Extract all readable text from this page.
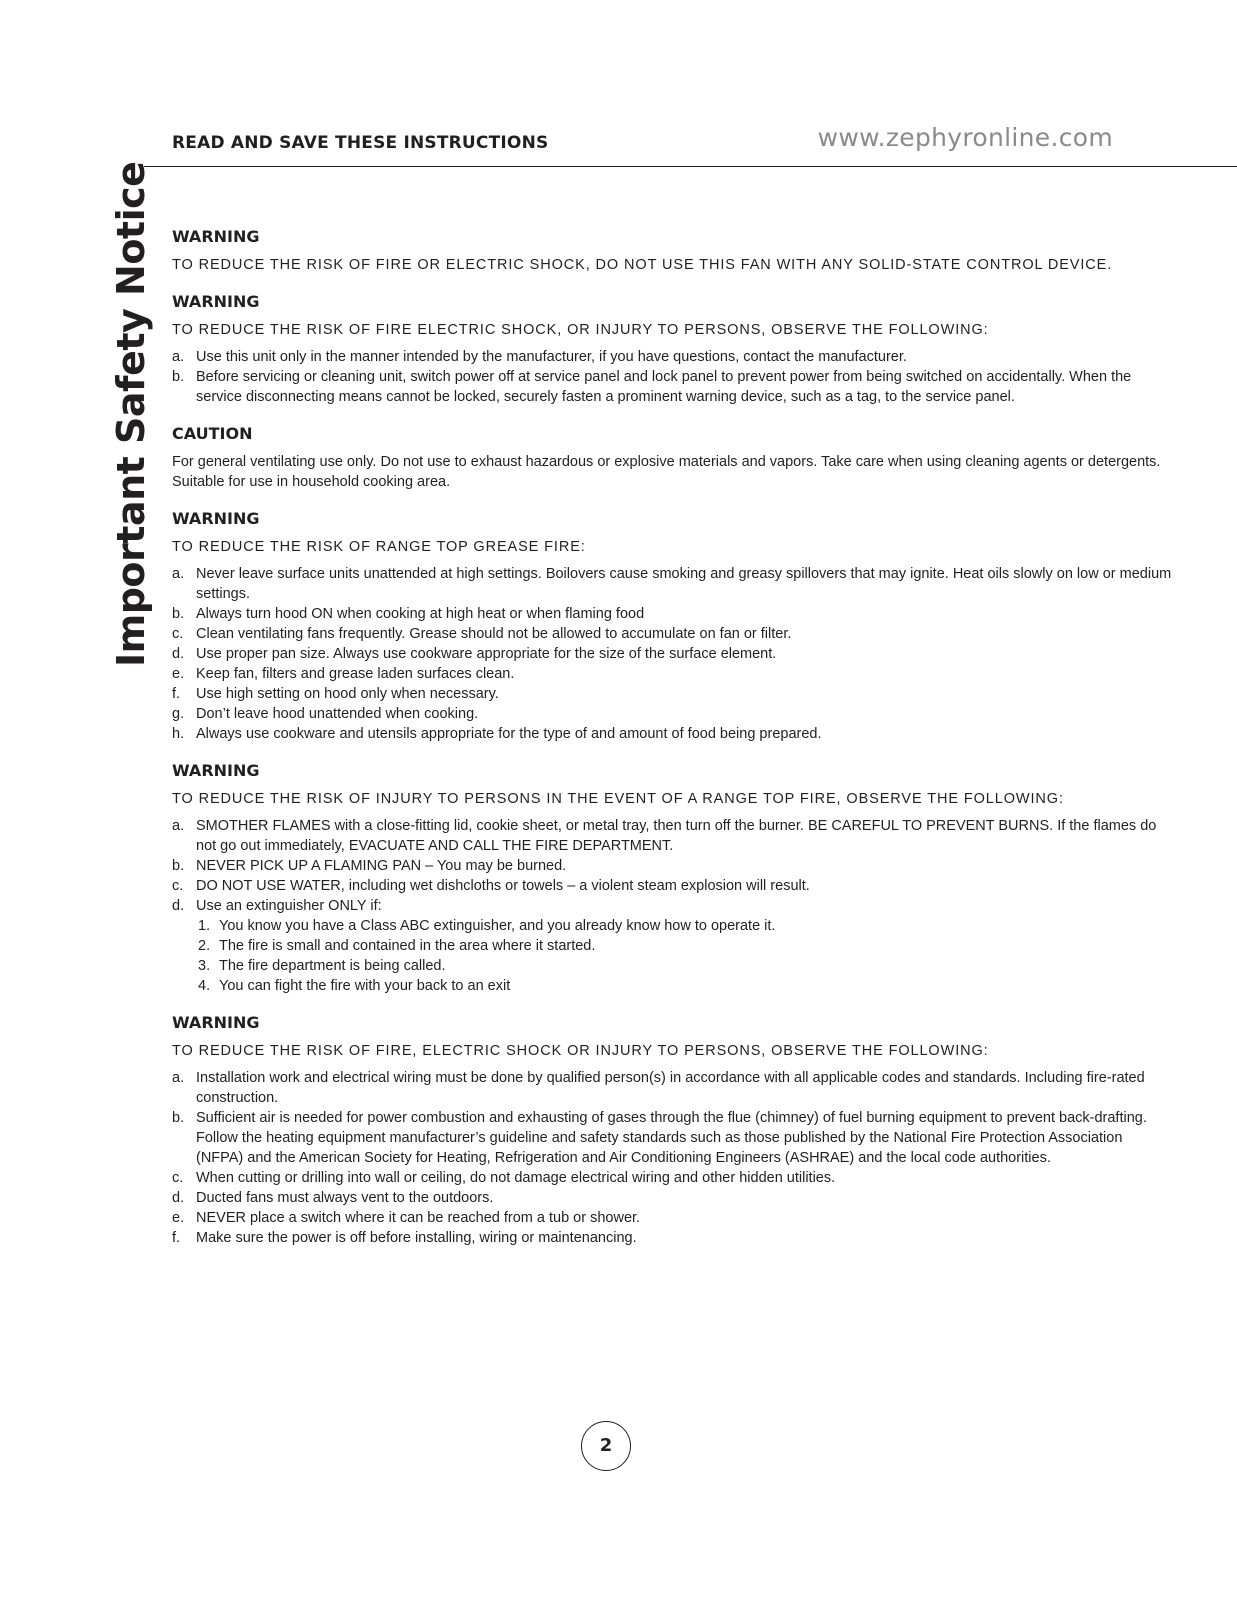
READ AND SAVE THESE INSTRUCTIONS	www.zephyronline.com
Important Safety Notice WARNING
TO REDUCE THE RISK OF FIRE OR ELECTRIC SHOCK, DO NOT USE THIS FAN WITH ANY SOLID-STATE CONTROL DEVICE.
WARNING
TO REDUCE THE RISK OF FIRE ELECTRIC SHOCK, OR INJURY TO PERSONS, OBSERVE THE FOLLOWING:
a. Use this unit only in the manner intended by the manufacturer, if you have questions, contact the manufacturer.
b. Before servicing or cleaning unit, switch power off at service panel and lock panel to prevent power from being switched on accidentally. When the service disconnecting means cannot be locked, securely fasten a prominent warning device, such as a tag, to the service panel.
CAUTION

For general ventilating use only. Do not use to exhaust hazardous or explosive materials and vapors. Take care when using cleaning agents or detergents. Suitable for use in household cooking area.

WARNING
TO REDUCE THE RISK OF RANGE TOP GREASE FIRE:
a. Never leave surface units unattended at high settings. Boilovers cause smoking and greasy spillovers that may ignite. Heat oils slowly on low or medium settings.
b. Always turn hood ON when cooking at high heat or when flaming food
c. Clean ventilating fans frequently. Grease should not be allowed to accumulate on fan or filter.
d. Use proper pan size. Always use cookware appropriate for the size of the surface element.
e. Keep fan, filters and grease laden surfaces clean.
f. Use high setting on hood only when necessary.
g. Don’t leave hood unattended when cooking.
h. Always use cookware and utensils appropriate for the type of and amount of food being prepared.
WARNING
TO REDUCE THE RISK OF INJURY TO PERSONS IN THE EVENT OF A RANGE TOP FIRE, OBSERVE THE FOLLOWING:
a. SMOTHER FLAMES with a close-fitting lid, cookie sheet, or metal tray, then turn off the burner. BE CAREFUL TO PREVENT BURNS. If the flames do not go out immediately, EVACUATE AND CALL THE FIRE DEPARTMENT.
b. NEVER PICK UP A FLAMING PAN – You may be burned.
c. DO NOT USE WATER, including wet dishcloths or towels – a violent steam explosion will result.
d. Use an extinguisher ONLY if:
1. You know you have a Class ABC extinguisher, and you already know how to operate it.
2. The fire is small and contained in the area where it started.
3. The fire department is being called.
4. You can fight the fire with your back to an exit
WARNING
TO REDUCE THE RISK OF FIRE, ELECTRIC SHOCK OR INJURY TO PERSONS, OBSERVE THE FOLLOWING:
a. Installation work and electrical wiring must be done by qualified person(s) in accordance with all applicable codes and standards. Including fire-rated construction.
b. Sufficient air is needed for power combustion and exhausting of gases through the flue (chimney) of fuel burning equipment to prevent back-drafting. Follow the heating equipment manufacturer’s guideline and safety standards such as those published by the National Fire Protection Association (NFPA) and the American Society for Heating, Refrigeration and Air Conditioning Engineers (ASHRAE) and the local code authorities.
c. When cutting or drilling into wall or ceiling, do not damage electrical wiring and other hidden utilities.
d. Ducted fans must always vent to the outdoors.
e. NEVER place a switch where it can be reached from a tub or shower.
f. Make sure the power is off before installing, wiring or maintenancing.
2
